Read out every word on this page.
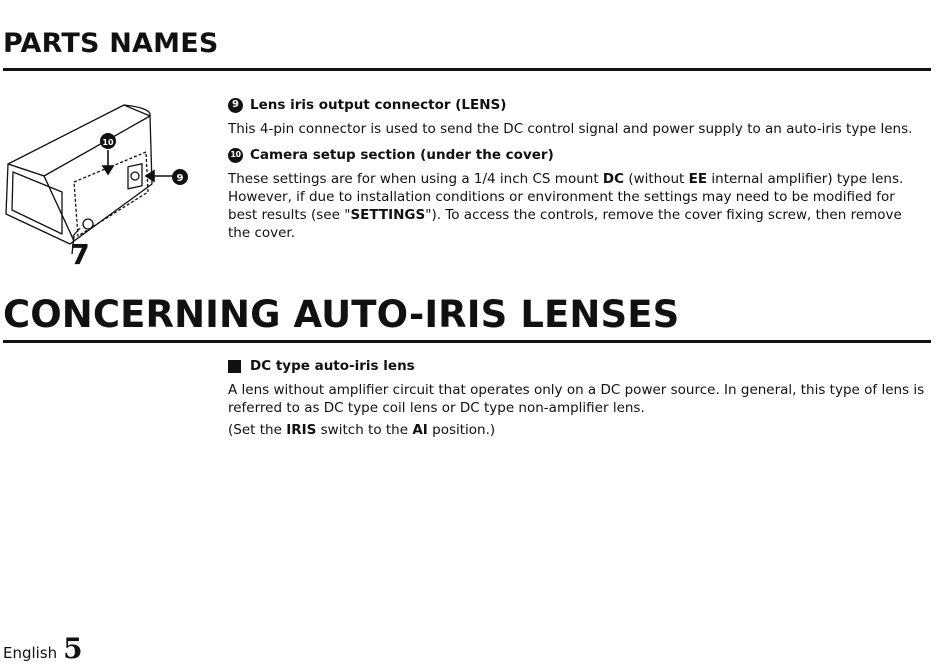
PARTS NAMES
10
9
7
9 Lens iris output connector (LENS)

This 4-pin connector is used to send the DC control signal and power supply to an auto-iris type lens.

10 Camera setup section (under the cover)

These settings are for when using a 1/4 inch CS mount DC (without EE internal amplifier) type lens. However, if due to installation conditions or environment the settings may need to be modified for best results (see "SETTINGS"). To access the controls, remove the cover fixing screw, then remove the cover.

CONCERNING AUTO-IRIS LENSES
DC type auto-iris lens

A lens without amplifier circuit that operates only on a DC power source. In general, this type of lens is referred to as DC type coil lens or DC type non-amplifier lens.

(Set the IRIS switch to the AI position.)

English 5
